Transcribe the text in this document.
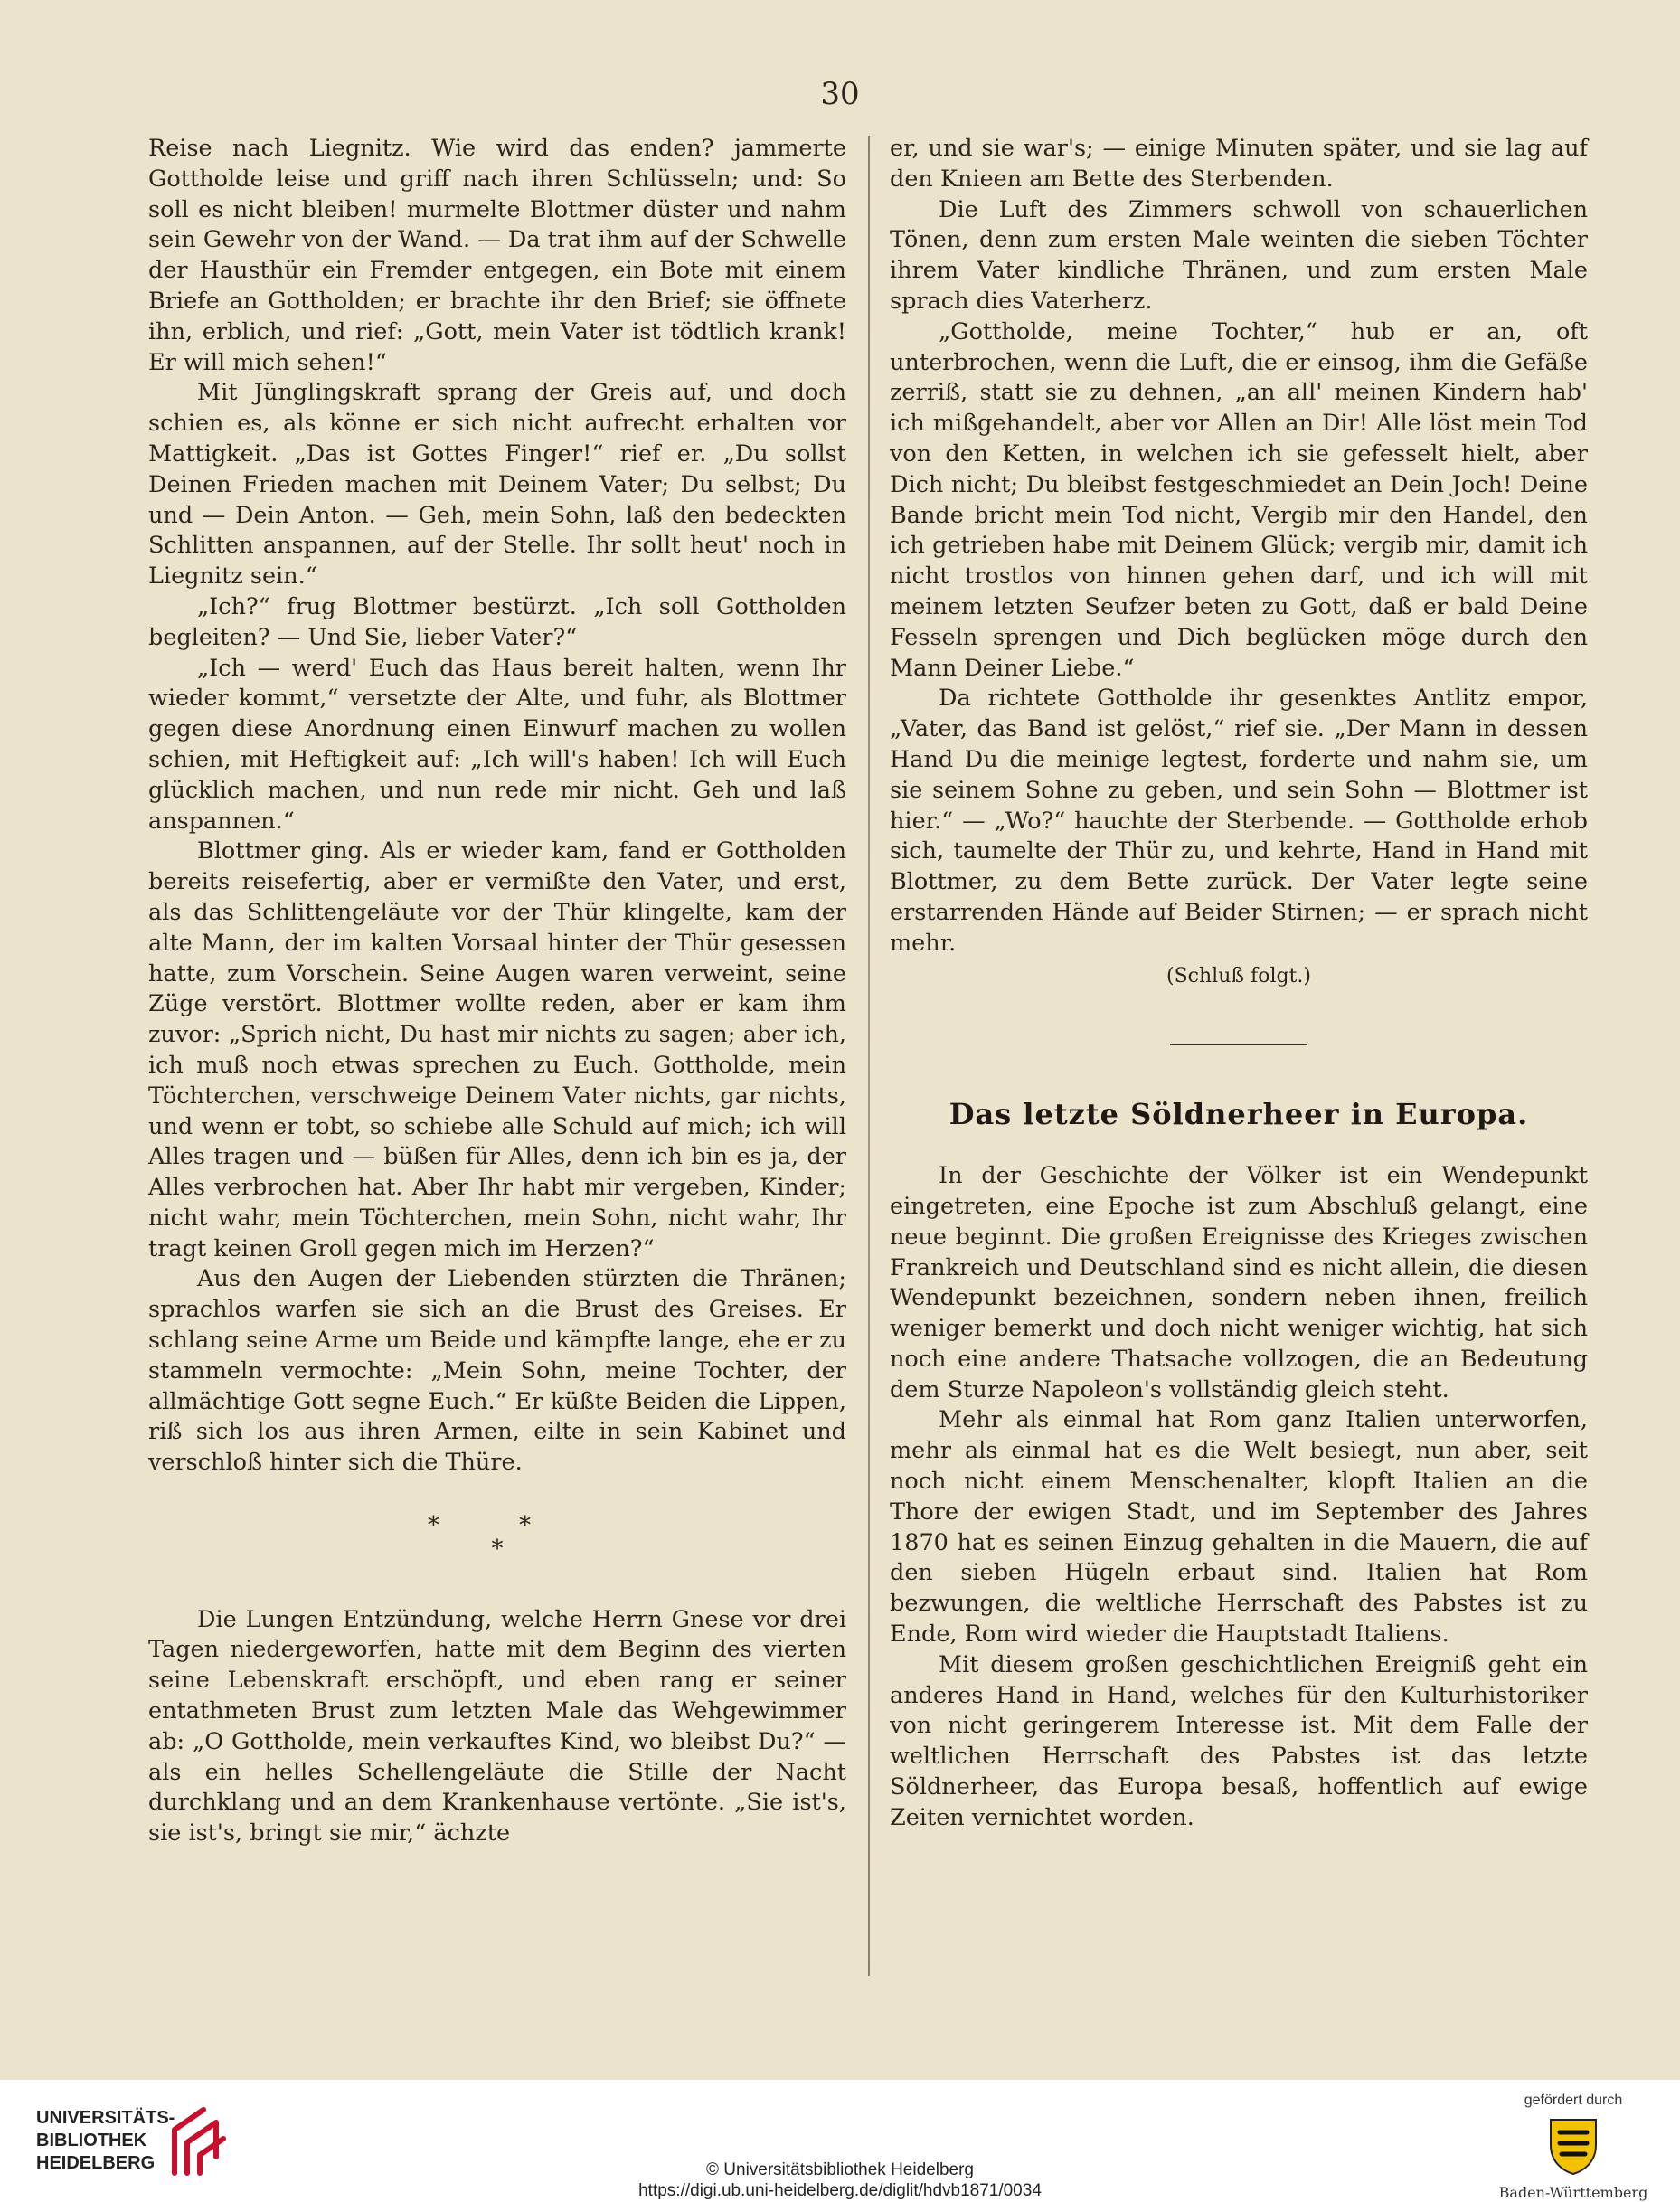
30

Reise nach Liegnitz. Wie wird das enden? jammerte Gottholde leise und griff nach ihren Schlüsseln; und: So soll es nicht bleiben! murmelte Blottmer düster und nahm sein Gewehr von der Wand. — Da trat ihm auf der Schwelle der Hausthür ein Fremder entgegen, ein Bote mit einem Briefe an Gottholden; er brachte ihr den Brief; sie öffnete ihn, erblich, und rief: „Gott, mein Vater ist tödtlich krank! Er will mich sehen!“

Mit Jünglingskraft sprang der Greis auf, und doch schien es, als könne er sich nicht aufrecht erhalten vor Mattigkeit. „Das ist Gottes Finger!“ rief er. „Du sollst Deinen Frieden machen mit Deinem Vater; Du selbst; Du und — Dein Anton. — Geh, mein Sohn, laß den bedeckten Schlitten anspannen, auf der Stelle. Ihr sollt heut' noch in Liegnitz sein.“

„Ich?“ frug Blottmer bestürzt. „Ich soll Gottholden begleiten? — Und Sie, lieber Vater?“

„Ich — werd' Euch das Haus bereit halten, wenn Ihr wieder kommt,“ versetzte der Alte, und fuhr, als Blottmer gegen diese Anordnung einen Einwurf machen zu wollen schien, mit Heftigkeit auf: „Ich will's haben! Ich will Euch glücklich machen, und nun rede mir nicht. Geh und laß anspannen.“

Blottmer ging. Als er wieder kam, fand er Gottholden bereits reisefertig, aber er vermißte den Vater, und erst, als das Schlittengeläute vor der Thür klingelte, kam der alte Mann, der im kalten Vorsaal hinter der Thür gesessen hatte, zum Vorschein. Seine Augen waren verweint, seine Züge verstört. Blottmer wollte reden, aber er kam ihm zuvor: „Sprich nicht, Du hast mir nichts zu sagen; aber ich, ich muß noch etwas sprechen zu Euch. Gottholde, mein Töchterchen, verschweige Deinem Vater nichts, gar nichts, und wenn er tobt, so schiebe alle Schuld auf mich; ich will Alles tragen und — büßen für Alles, denn ich bin es ja, der Alles verbrochen hat. Aber Ihr habt mir vergeben, Kinder; nicht wahr, mein Töchterchen, mein Sohn, nicht wahr, Ihr tragt keinen Groll gegen mich im Herzen?“

Aus den Augen der Liebenden stürzten die Thränen; sprachlos warfen sie sich an die Brust des Greises. Er schlang seine Arme um Beide und kämpfte lange, ehe er zu stammeln vermochte: „Mein Sohn, meine Tochter, der allmächtige Gott segne Euch.“ Er küßte Beiden die Lippen, riß sich los aus ihren Armen, eilte in sein Kabinet und verschloß hinter sich die Thüre.

* *
*

Die Lungen Entzündung, welche Herrn Gnese vor drei Tagen niedergeworfen, hatte mit dem Beginn des vierten seine Lebenskraft erschöpft, und eben rang er seiner entathmeten Brust zum letzten Male das Wehgewimmer ab: „O Gottholde, mein verkauftes Kind, wo bleibst Du?“ — als ein helles Schellengeläute die Stille der Nacht durchklang und an dem Krankenhause vertönte. „Sie ist's, sie ist's, bringt sie mir,“ ächzte

er, und sie war's; — einige Minuten später, und sie lag auf den Knieen am Bette des Sterbenden.

Die Luft des Zimmers schwoll von schauerlichen Tönen, denn zum ersten Male weinten die sieben Töchter ihrem Vater kindliche Thränen, und zum ersten Male sprach dies Vaterherz.

„Gottholde, meine Tochter,“ hub er an, oft unterbrochen, wenn die Luft, die er einsog, ihm die Gefäße zerriß, statt sie zu dehnen, „an all' meinen Kindern hab' ich mißgehandelt, aber vor Allen an Dir! Alle löst mein Tod von den Ketten, in welchen ich sie gefesselt hielt, aber Dich nicht; Du bleibst festgeschmiedet an Dein Joch! Deine Bande bricht mein Tod nicht, Vergib mir den Handel, den ich getrieben habe mit Deinem Glück; vergib mir, damit ich nicht trostlos von hinnen gehen darf, und ich will mit meinem letzten Seufzer beten zu Gott, daß er bald Deine Fesseln sprengen und Dich beglücken möge durch den Mann Deiner Liebe.“

Da richtete Gottholde ihr gesenktes Antlitz empor, „Vater, das Band ist gelöst,“ rief sie. „Der Mann in dessen Hand Du die meinige legtest, forderte und nahm sie, um sie seinem Sohne zu geben, und sein Sohn — Blottmer ist hier.“ — „Wo?“ hauchte der Sterbende. — Gottholde erhob sich, taumelte der Thür zu, und kehrte, Hand in Hand mit Blottmer, zu dem Bette zurück. Der Vater legte seine erstarrenden Hände auf Beider Stirnen; — er sprach nicht mehr.

(Schluß folgt.)
Das letzte Söldnerheer in Europa.

In der Geschichte der Völker ist ein Wendepunkt eingetreten, eine Epoche ist zum Abschluß gelangt, eine neue beginnt. Die großen Ereignisse des Krieges zwischen Frankreich und Deutschland sind es nicht allein, die diesen Wendepunkt bezeichnen, sondern neben ihnen, freilich weniger bemerkt und doch nicht weniger wichtig, hat sich noch eine andere Thatsache vollzogen, die an Bedeutung dem Sturze Napoleon's vollständig gleich steht.

Mehr als einmal hat Rom ganz Italien unterworfen, mehr als einmal hat es die Welt besiegt, nun aber, seit noch nicht einem Menschenalter, klopft Italien an die Thore der ewigen Stadt, und im September des Jahres 1870 hat es seinen Einzug gehalten in die Mauern, die auf den sieben Hügeln erbaut sind. Italien hat Rom bezwungen, die weltliche Herrschaft des Pabstes ist zu Ende, Rom wird wieder die Hauptstadt Italiens.

Mit diesem großen geschichtlichen Ereigniß geht ein anderes Hand in Hand, welches für den Kulturhistoriker von nicht geringerem Interesse ist. Mit dem Falle der weltlichen Herrschaft des Pabstes ist das letzte Söldnerheer, das Europa besaß, hoffentlich auf ewige Zeiten vernichtet worden.

UNIVERSITÄTS-
BIBLIOTHEK
HEIDELBERG	© Universitätsbibliothek Heidelberg
https://digi.ub.uni-heidelberg.de/diglit/hdvb1871/0034
gefördert durch
Baden-Württemberg
